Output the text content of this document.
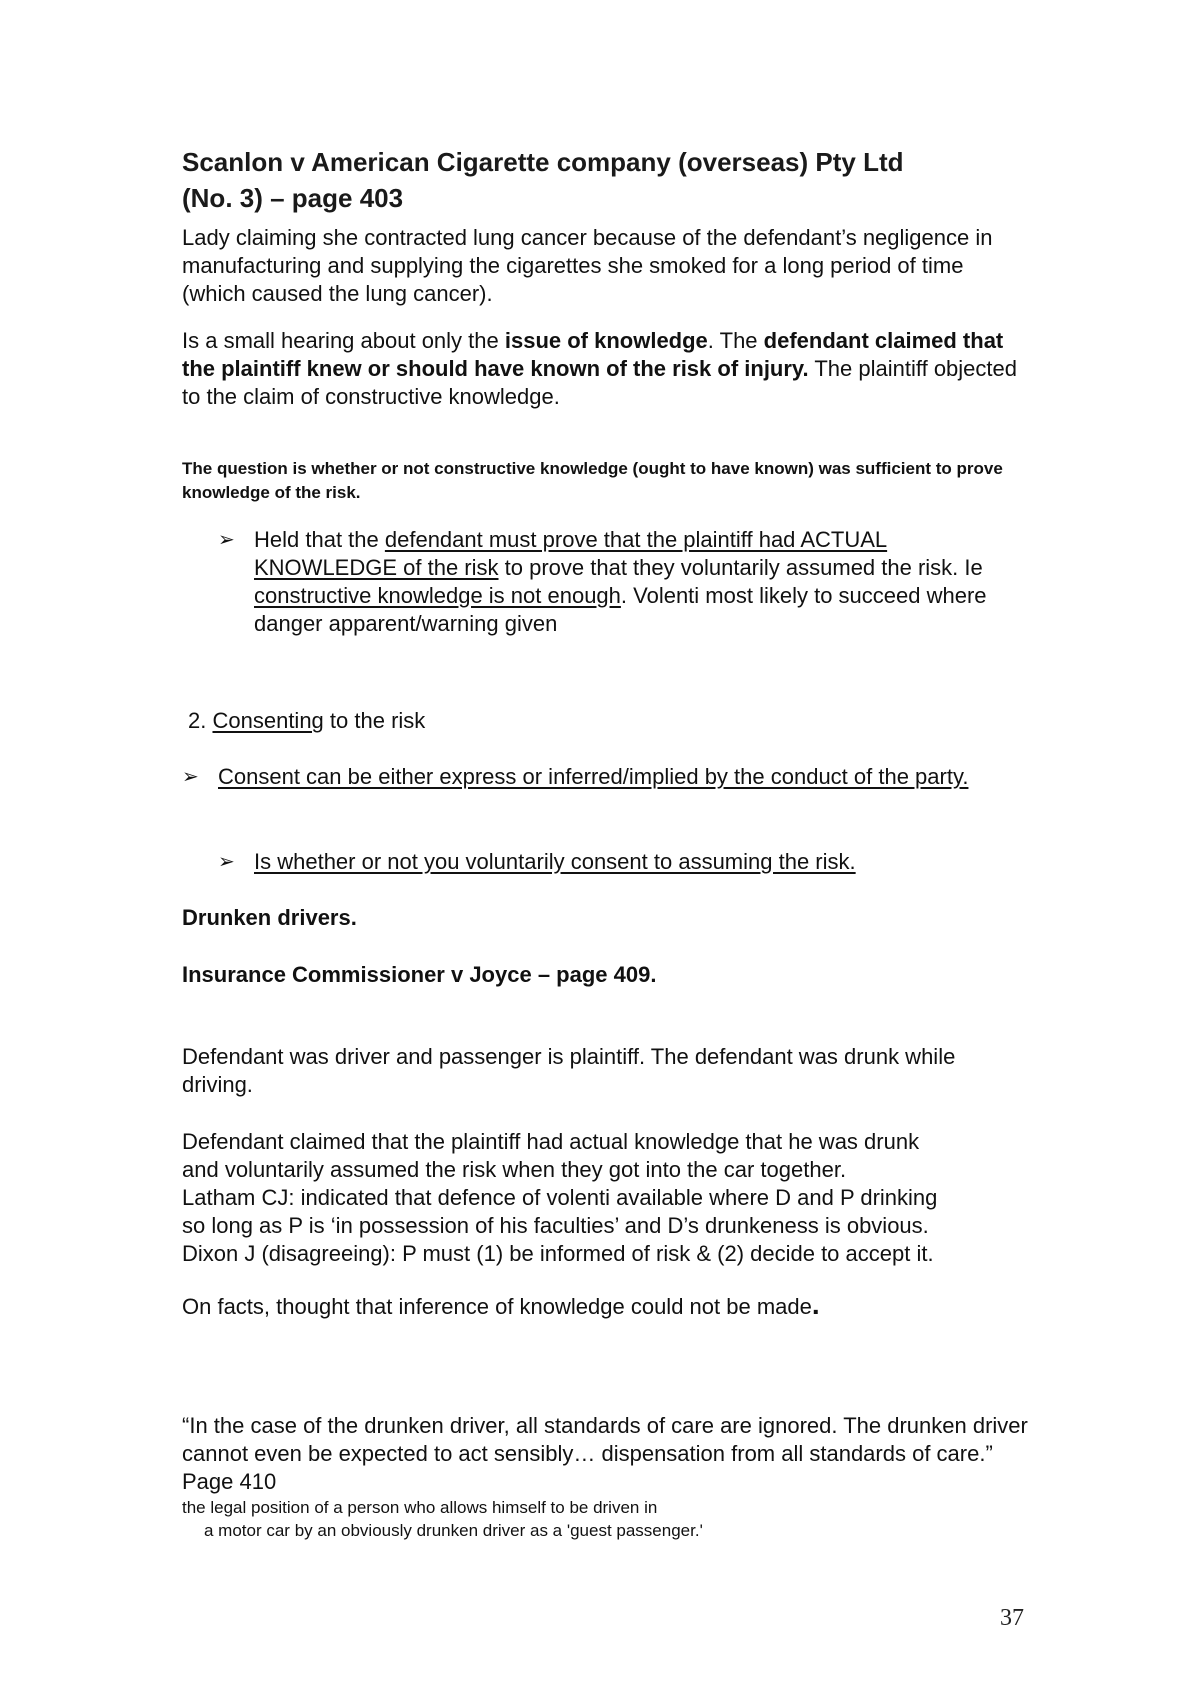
Scanlon v American Cigarette company (overseas) Pty Ltd
(No. 3) – page 403

Lady claiming she contracted lung cancer because of the defendant’s negligence in manufacturing and supplying the cigarettes she smoked for a long period of time (which caused the lung cancer).

Is a small hearing about only the issue of knowledge. The defendant claimed that the plaintiff knew or should have known of the risk of injury. The plaintiff objected to the claim of constructive knowledge.

The question is whether or not constructive knowledge (ought to have known) was sufficient to prove knowledge of the risk.

➢ Held that the defendant must prove that the plaintiff had ACTUAL KNOWLEDGE of the risk to prove that they voluntarily assumed the risk. Ie constructive knowledge is not enough. Volenti most likely to succeed where danger apparent/warning given
2. Consenting to the risk
➢ Consent can be either express or inferred/implied by the conduct of the party.
➢ Is whether or not you voluntarily consent to assuming the risk.

Drunken drivers.

Insurance Commissioner v Joyce – page 409.

Defendant was driver and passenger is plaintiff. The defendant was drunk while driving.

Defendant claimed that the plaintiff had actual knowledge that he was drunk
and voluntarily assumed the risk when they got into the car together.
Latham CJ: indicated that defence of volenti available where D and P drinking
so long as P is ‘in possession of his faculties’ and D’s drunkeness is obvious.
Dixon J (disagreeing): P must (1) be informed of risk & (2) decide to accept it.

On facts, thought that inference of knowledge could not be made.

“In the case of the drunken driver, all standards of care are ignored. The drunken driver cannot even be expected to act sensibly… dispensation from all standards of care.” Page 410

the legal position of a person who allows himself to be driven in
a motor car by an obviously drunken driver as a 'guest passenger.'
37
